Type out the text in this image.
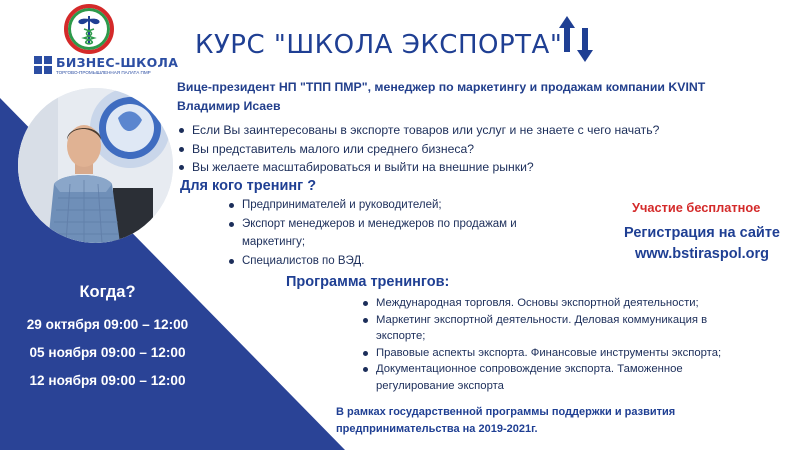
БИЗНЕС-ШКОЛА
ТОРГОВО-ПРОМЫШЛЕННАЯ ПАЛАТА ПМР
КУРС "ШКОЛА ЭКСПОРТА"
Вице-президент НП "ТПП ПМР", менеджер по маркетингу и продажам компании KVINT
Владимир Исаев
Если Вы заинтересованы в экспорте товаров или услуг и не знаете с чего начать?
Вы представитель малого или среднего бизнеса?
Вы желаете масштабироваться и выйти на внешние рынки?
Для кого тренинг ?
Предпринимателей и руководителей;
Экспорт менеджеров и менеджеров по продажам и
маркетингу;
Специалистов по ВЭД.
Участие бесплатное
Регистрация на сайте
www.bstiraspol.org
Программа тренингов:
Международная торговля. Основы экспортной деятельности;
Маркетинг экспортной деятельности. Деловая коммуникация в
экспорте;
Правовые аспекты экспорта. Финансовые инструменты экспорта;
Документационное сопровождение экспорта. Таможенное
регулирование экспорта
Когда?
29 октября 09:00 – 12:00
05 ноября 09:00 – 12:00
12 ноября 09:00 – 12:00
В рамках государственной программы поддержки и развития
предпринимательства на 2019-2021г.
